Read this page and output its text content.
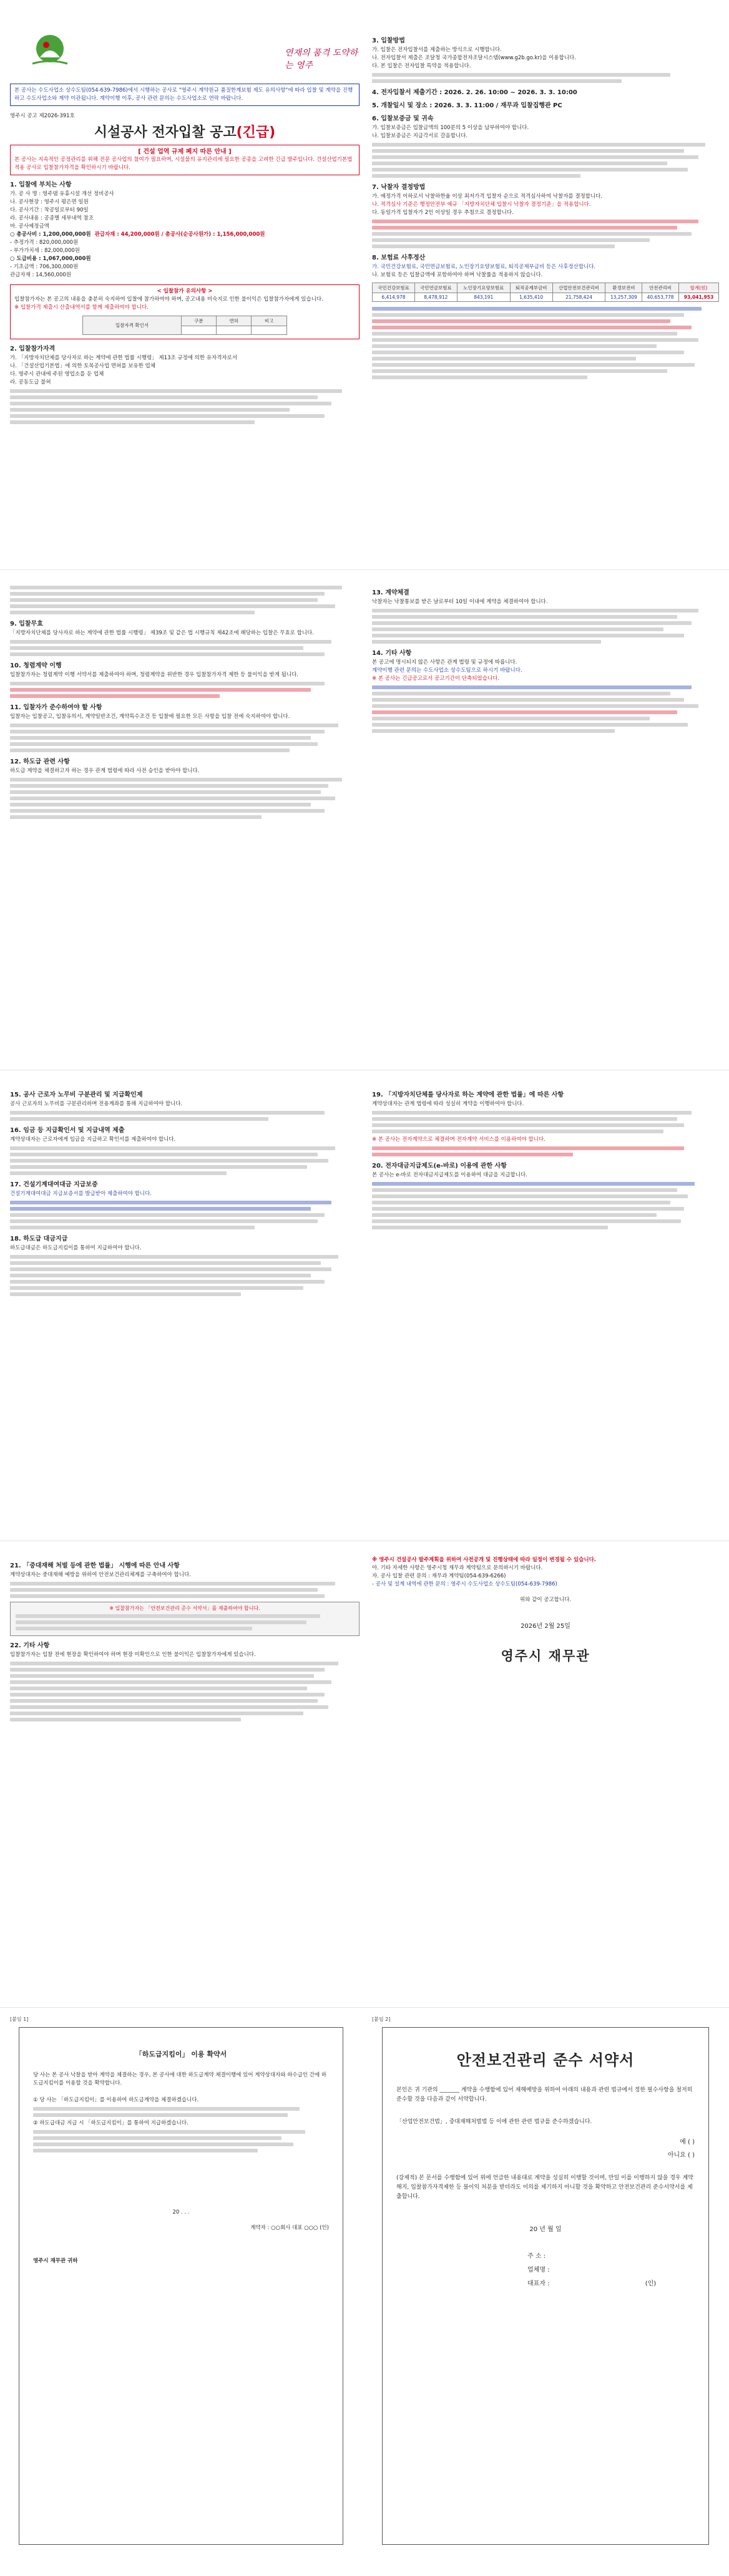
연재의 품격 도약하는 영주

본 공사는 수도사업소 상수도팀(054-639-7986)에서 시행하는 공사로 "영주시 계약원규 품질한계보험 제도 유의사항"에 따라 입찰 및 계약을 진행하고 수도사업소와 계약 이관됩니다. 계약이행 이후, 공사 관련 문의는 수도사업소로 연락 바랍니다.

영주시 공고 제2026-391호

시설공사 전자입찰 공고(긴급)

[ 건설 업역 규제 폐지 따른 안내 ]

본 공사는 지속적인 공정관리를 위해 전문 공사업의 참여가 필요하며, 시설물의 유지관리에 필요한 공종을 고려한 긴급 발주입니다. 건설산업기본법 적용 공사로 입찰참가자격을 확인하시기 바랍니다.

1. 입찰에 부치는 사항

가. 공 사 명 : 영주댐 유휴시설 개선 정비공사

나. 공사현장 : 영주시 평은면 일원

다. 공사기간 : 착공일로부터 90일

라. 공사내용 : 공종별 세부내역 참조

마. 공사예정금액

○ 총공사비 : 1,200,000,000원 관급자재 : 44,200,000원 / 총공사(순공사원가) : 1,156,000,000원

- 추정가격 : 820,000,000원

- 부가가치세 : 82,000,000원

○ 도급비용 : 1,067,000,000원

- 기초금액 : 706,300,000원

관급자재 : 14,560,000원

< 입찰참가 유의사항 >

입찰참가자는 본 공고의 내용을 충분히 숙지하여 입찰에 참가하여야 하며, 공고내용 미숙지로 인한 불이익은 입찰참가자에게 있습니다.

※ 입찰가격 제출시 산출내역서를 함께 제출하여야 합니다.

입찰자격 확인서	구분	면허	비고

2. 입찰참가자격

가. 「지방자치단체를 당사자로 하는 계약에 관한 법률 시행령」 제13조 규정에 의한 유자격자로서

나. 「건설산업기본법」에 의한 토목공사업 면허를 보유한 업체

다. 영주시 관내에 주된 영업소를 둔 업체

라. 공동도급 불허

3. 입찰방법

가. 입찰은 전자입찰서를 제출하는 방식으로 시행합니다.

나. 전자입찰서 제출은 조달청 국가종합전자조달시스템(www.g2b.go.kr)을 이용합니다.

다. 본 입찰은 전자입찰 특약을 적용합니다.

4. 전자입찰서 제출기간 : 2026. 2. 26. 10:00 ~ 2026. 3. 3. 10:00

5. 개찰일시 및 장소 : 2026. 3. 3. 11:00 / 재무과 입찰집행관 PC

6. 입찰보증금 및 귀속

가. 입찰보증금은 입찰금액의 100분의 5 이상을 납부하여야 합니다.

나. 입찰보증금은 지급각서로 갈음합니다.

7. 낙찰자 결정방법

가. 예정가격 이하로서 낙찰하한율 이상 최저가격 입찰자 순으로 적격심사하여 낙찰자를 결정합니다.

나. 적격심사 기준은 행정안전부 예규 「지방자치단체 입찰시 낙찰자 결정기준」을 적용합니다.

다. 동일가격 입찰자가 2인 이상일 경우 추첨으로 결정합니다.

8. 보험료 사후정산

가. 국민건강보험료, 국민연금보험료, 노인장기요양보험료, 퇴직공제부금비 등은 사후정산합니다.

나. 보험료 등은 입찰금액에 포함하여야 하며 낙찰률을 적용하지 않습니다.

국민건강보험료	국민연금보험료	노인장기요양보험료	퇴직공제부금비	산업안전보건관리비	환경보전비	안전관리비	합계(원)
6,414,978	8,478,912	843,191	1,635,410	21,758,424	13,257,309	40,653,778	93,041,953

9. 입찰무효

「지방자치단체를 당사자로 하는 계약에 관한 법률 시행령」 제39조 및 같은 법 시행규칙 제42조에 해당하는 입찰은 무효로 합니다.

10. 청렴계약 이행

입찰참가자는 청렴계약 이행 서약서를 제출하여야 하며, 청렴계약을 위반한 경우 입찰참가자격 제한 등 불이익을 받게 됩니다.

11. 입찰자가 준수하여야 할 사항

입찰자는 입찰공고, 입찰유의서, 계약일반조건, 계약특수조건 등 입찰에 필요한 모든 사항을 입찰 전에 숙지하여야 합니다.

12. 하도급 관련 사항

하도급 계약을 체결하고자 하는 경우 관계 법령에 따라 사전 승인을 받아야 합니다.

13. 계약체결

낙찰자는 낙찰통보를 받은 날로부터 10일 이내에 계약을 체결하여야 합니다.

14. 기타 사항

본 공고에 명시되지 않은 사항은 관계 법령 및 규정에 따릅니다.

계약이행 관련 문의는 수도사업소 상수도팀으로 하시기 바랍니다.

※ 본 공사는 긴급공고로서 공고기간이 단축되었습니다.

15. 공사 근로자 노무비 구분관리 및 지급확인제

공사 근로자의 노무비를 구분관리하며 전용계좌를 통해 지급하여야 합니다.

16. 임금 등 지급확인서 및 지급내역 제출

계약상대자는 근로자에게 임금을 지급하고 확인서를 제출하여야 합니다.

17. 건설기계대여대금 지급보증

건설기계대여대금 지급보증서를 발급받아 제출하여야 합니다.

18. 하도급 대금지급

하도급대금은 하도급지킴이를 통하여 지급하여야 합니다.

19. 「지방자치단체를 당사자로 하는 계약에 관한 법률」에 따른 사항

계약상대자는 관계 법령에 따라 성실히 계약을 이행하여야 합니다.

※ 본 공사는 전자계약으로 체결하며 전자계약 서비스를 이용하여야 합니다.

20. 전자대금지급제도(e-바로) 이용에 관한 사항

본 공사는 e-바로 전자대금지급제도를 이용하여 대금을 지급합니다.

21. 「중대재해 처벌 등에 관한 법률」 시행에 따른 안내 사항

계약상대자는 중대재해 예방을 위하여 안전보건관리체계를 구축하여야 합니다.

※ 입찰참가자는 「안전보건관리 준수 서약서」를 제출하여야 합니다.

22. 기타 사항

입찰참가자는 입찰 전에 현장을 확인하여야 하며 현장 미확인으로 인한 불이익은 입찰참가자에게 있습니다.

※ 영주시 건설공사 발주계획을 위하여 사전공개 및 진행상태에 따라 일정이 변경될 수 있습니다.

아. 기타 자세한 사항은 영주시청 재무과 계약팀으로 문의하시기 바랍니다.

자. 공사 입찰 관련 문의 : 재무과 계약팀(054-639-6266)

- 공사 및 설계 내역에 관한 문의 : 영주시 수도사업소 상수도팀(054-639-7986)

위와 같이 공고합니다.

2026년 2월 25일
영주시 재무관
[붙임 1]
「하도급지킴이」 이용 확약서

당 사는 본 공사 낙찰을 받아 계약을 체결하는 경우, 본 공사에 대한 하도급계약 체결이행에 있어 계약상대자와 하수급인 간에 하도급지킴이를 이용할 것을 확약합니다.

① 당 사는 「하도급지킴이」를 이용하여 하도급계약을 체결하겠습니다.

② 하도급대금 지급 시 「하도급지킴이」를 통하여 지급하겠습니다.

20 . . .

계약자 : ○○회사 대표 ○○○ (인)

영주시 재무관 귀하

[붙임 2]
안전보건관리 준수 서약서

본인은 귀 기관의 _______ 계약을 수행함에 있어 재해예방을 위하여 아래의 내용과 관련 법규에서 정한 필수사항을 철저히 준수할 것을 다음과 같이 서약합니다.

「산업안전보건법」, 중대재해처벌법 등 이에 관한 관련 법규를 준수하겠습니다.

예 ( )
아니요 ( )

(강제적) 본 문서를 수행함에 있어 위에 언급한 내용대로 계약을 성실히 이행할 것이며, 만일 이를 이행하지 않을 경우 계약해지, 입찰참가자격제한 등 불이익 처분을 받더라도 이의를 제기하지 아니할 것을 확약하고 안전보건관리 준수서약서를 제출합니다.

20 년 월 일

주 소 :
업체명 :
대표자 :	(인)
